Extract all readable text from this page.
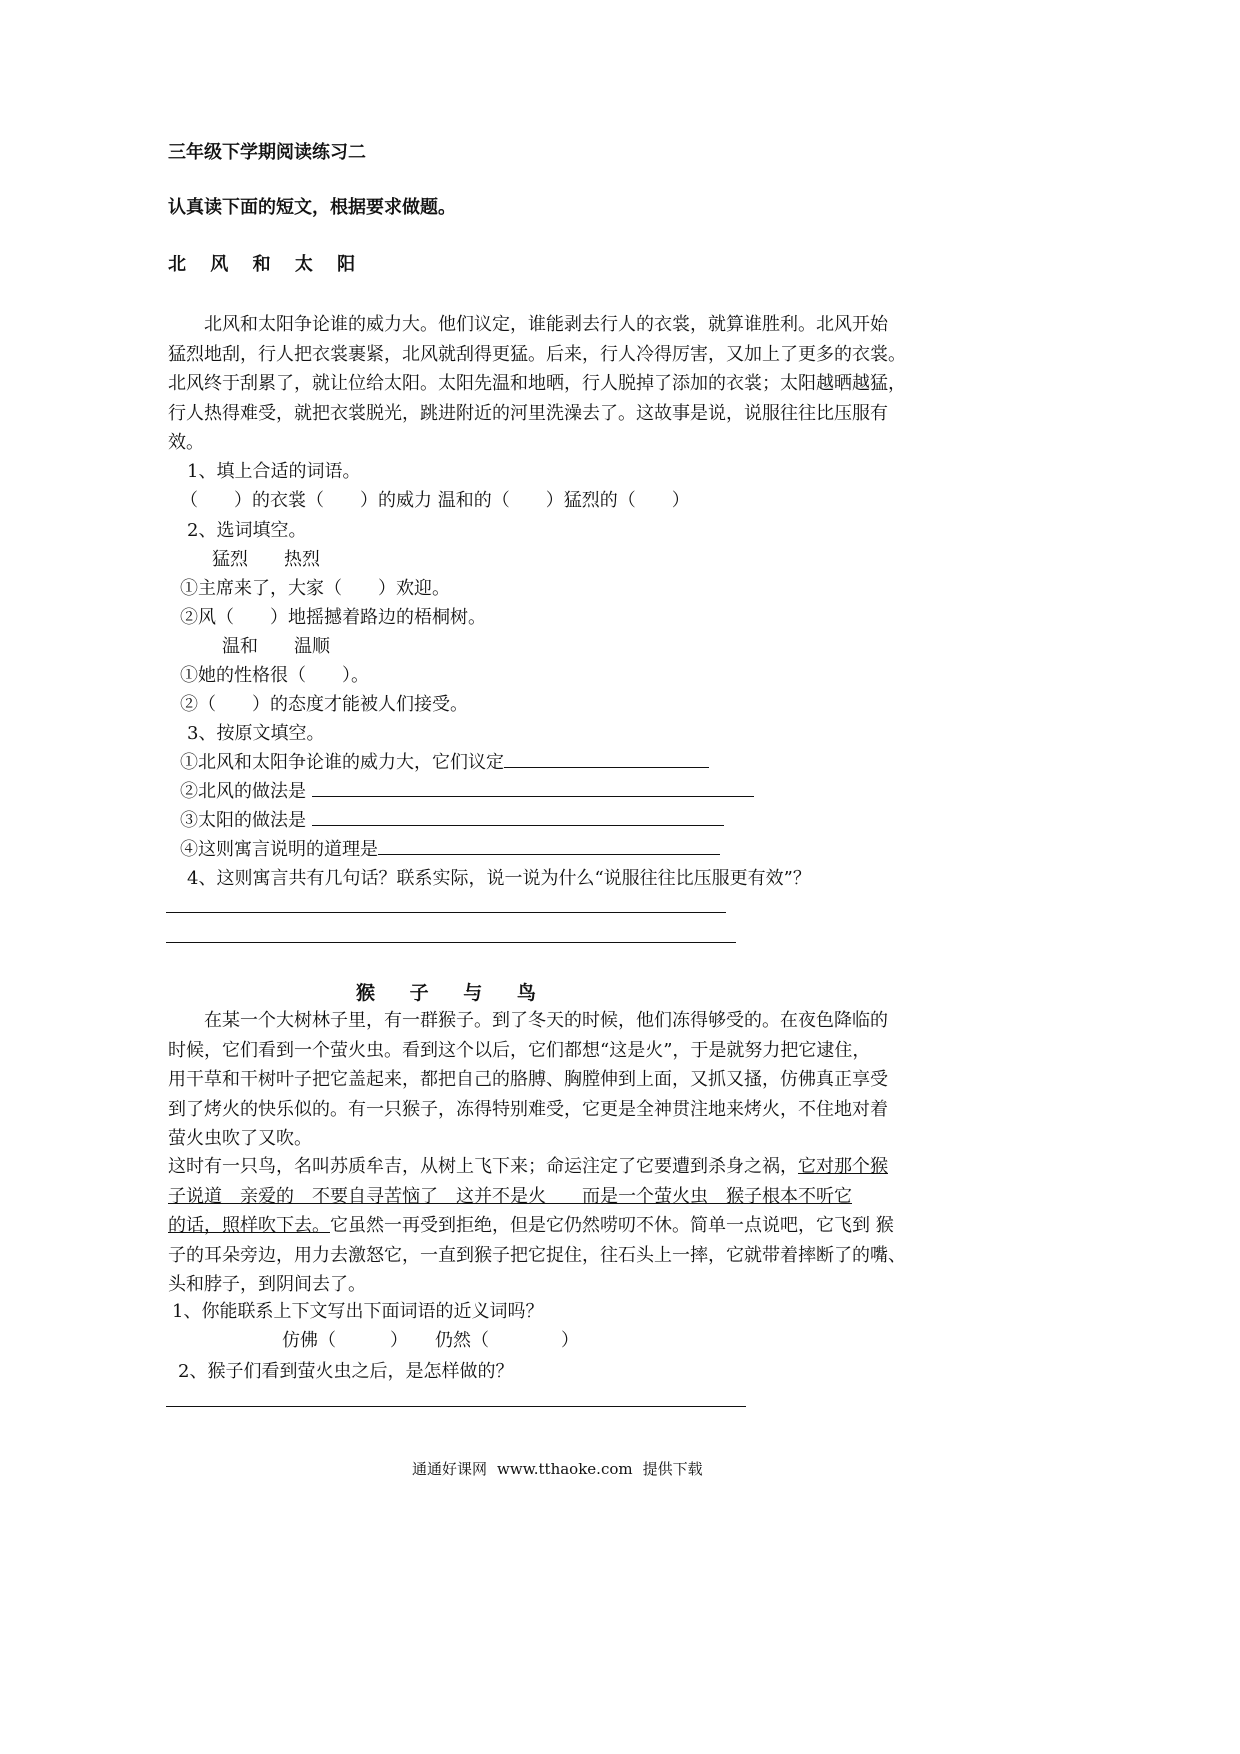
三年级下学期阅读练习二
认真读下面的短文，根据要求做题。
北 风 和 太 阳
　　北风和太阳争论谁的威力大。他们议定，谁能剥去行人的衣裳，就算谁胜利。北风开始
猛烈地刮，行人把衣裳裹紧，北风就刮得更猛。后来，行人冷得厉害，又加上了更多的衣裳。
北风终于刮累了，就让位给太阳。太阳先温和地晒，行人脱掉了添加的衣裳；太阳越晒越猛，
行人热得难受，就把衣裳脱光，跳进附近的河里洗澡去了。这故事是说，说服往往比压服有
效。
1、填上合适的词语。
（　　）的衣裳（　　）的威力 温和的（　　）猛烈的（　　）
2、选词填空。
猛烈　　热烈
①主席来了，大家（　　）欢迎。
②风（　　）地摇撼着路边的梧桐树。
温和　　温顺
①她的性格很（　　）。
②（　　）的态度才能被人们接受。
3、按原文填空。
①北风和太阳争论谁的威力大，它们议定
②北风的做法是
③太阳的做法是
④这则寓言说明的道理是
4、这则寓言共有几句话？联系实际，说一说为什么“说服往往比压服更有效”？
猴 子 与 鸟
　　在某一个大树林子里，有一群猴子。到了冬天的时候，他们冻得够受的。在夜色降临的
时候，它们看到一个萤火虫。看到这个以后，它们都想“这是火”，于是就努力把它逮住，
用干草和干树叶子把它盖起来，都把自己的胳膊、胸膛伸到上面，又抓又搔，仿佛真正享受
到了烤火的快乐似的。有一只猴子，冻得特别难受，它更是全神贯注地来烤火，不住地对着
萤火虫吹了又吹。
这时有一只鸟，名叫苏质牟吉，从树上飞下来；命运注定了它要遭到杀身之祸，它对那个猴
子说道　亲爱的　不要自寻苦恼了　这并不是火　　而是一个萤火虫　猴子根本不听它
的话，照样吹下去。它虽然一再受到拒绝，但是它仍然唠叨不休。简单一点说吧，它飞到 猴
子的耳朵旁边，用力去激怒它，一直到猴子把它捉住，往石头上一摔，它就带着摔断了的嘴、
头和脖子，到阴间去了。
1、你能联系上下文写出下面词语的近义词吗？
仿佛（　　　）　　仍然（　　　　）
2、猴子们看到萤火虫之后，是怎样做的？
通通好课网 www.tthaoke.com 提供下载
